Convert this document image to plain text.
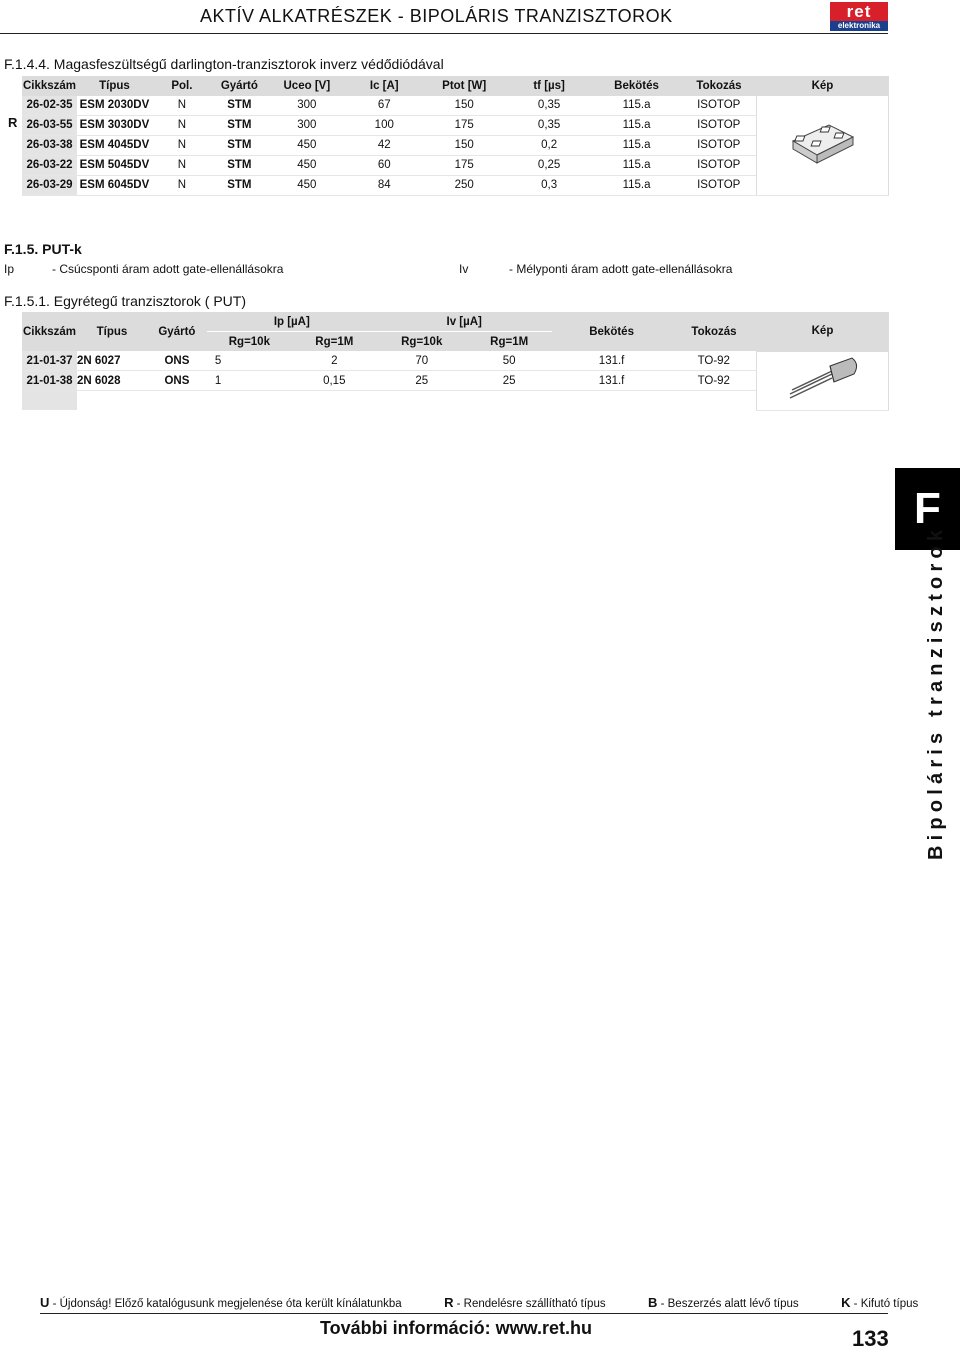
AKTÍV ALKATRÉSZEK - BIPOLÁRIS TRANZISZTOROK	ret
elektronika
F.1.4.4. Magasfeszültségű darlington-tranzisztorok inverz védődiódával
Cikkszám	Típus	Pol.	Gyártó	Uceo [V]	Ic [A]	Ptot [W]	tf [µs]	Bekötés	Tokozás	Kép
26-02-35	ESM 2030DV	N	STM	300	67	150	0,35	115.a	ISOTOP	
26-03-55	ESM 3030DV	N	STM	300	100	175	0,35	115.a	ISOTOP	
26-03-38	ESM 4045DV	N	STM	450	42	150	0,2	115.a	ISOTOP	
26-03-22	ESM 5045DV	N	STM	450	60	175	0,25	115.a	ISOTOP	
26-03-29	ESM 6045DV	N	STM	450	84	250	0,3	115.a	ISOTOP	
R
F.1.5. PUT-k
Ip	- Csúcsponti áram adott gate-ellenállásokra	Iv	- Mélyponti áram adott gate-ellenállásokra
F.1.5.1. Egyrétegű tranzisztorok ( PUT)
Cikkszám	Típus	Gyártó	Ip [µA]		Iv [µA]		Bekötés	Tokozás	Kép
			Rg=10k	Rg=1M	Rg=10k	Rg=1M			
21-01-37	2N 6027	ONS	5	2	70	50	131.f	TO-92	
21-01-38	2N 6028	ONS	1	0,15	25	25	131.f	TO-92	

F
Bipoláris tranzisztorok
U - Újdonság! Előző katalógusunk megjelenése óta került kínálatunkba	R - Rendelésre szállítható típus	B - Beszerzés alatt lévő típus	K - Kifutó típus
További információ: www.ret.hu	133
